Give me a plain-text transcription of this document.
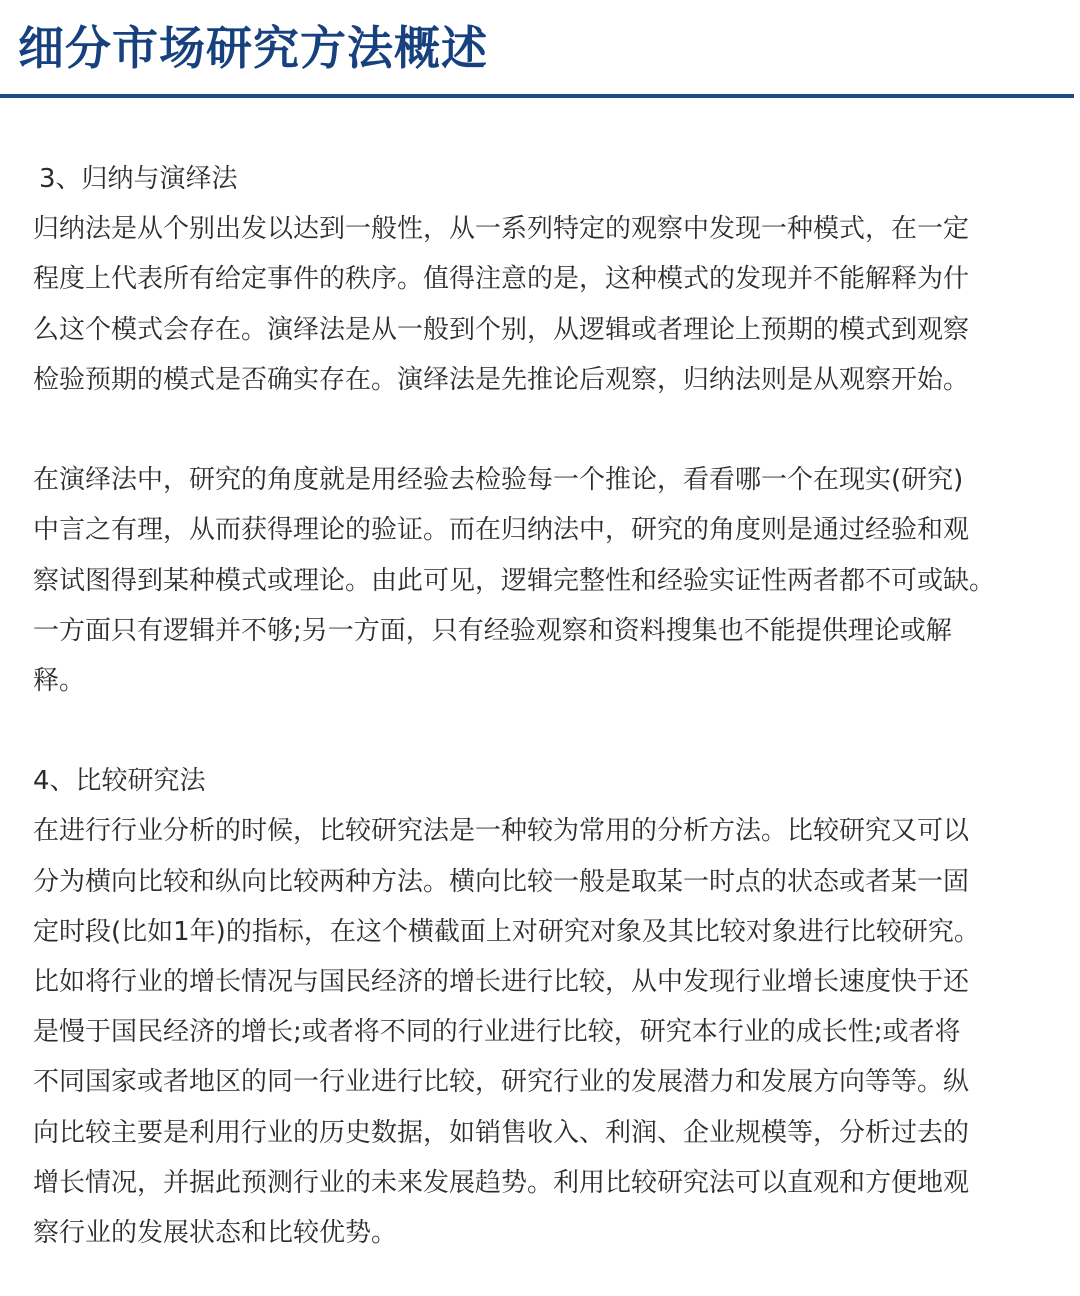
细分市场研究方法概述
3、归纳与演绎法
归纳法是从个别出发以达到一般性，从一系列特定的观察中发现一种模式，在一定
程度上代表所有给定事件的秩序。值得注意的是，这种模式的发现并不能解释为什
么这个模式会存在。演绎法是从一般到个别，从逻辑或者理论上预期的模式到观察
检验预期的模式是否确实存在。演绎法是先推论后观察，归纳法则是从观察开始。
在演绎法中，研究的角度就是用经验去检验每一个推论，看看哪一个在现实(研究)
中言之有理，从而获得理论的验证。而在归纳法中，研究的角度则是通过经验和观
察试图得到某种模式或理论。由此可见，逻辑完整性和经验实证性两者都不可或缺。
一方面只有逻辑并不够;另一方面，只有经验观察和资料搜集也不能提供理论或解
释。
4、比较研究法
在进行行业分析的时候，比较研究法是一种较为常用的分析方法。比较研究又可以
分为横向比较和纵向比较两种方法。横向比较一般是取某一时点的状态或者某一固
定时段(比如1年)的指标，在这个横截面上对研究对象及其比较对象进行比较研究。
比如将行业的增长情况与国民经济的增长进行比较，从中发现行业增长速度快于还
是慢于国民经济的增长;或者将不同的行业进行比较，研究本行业的成长性;或者将
不同国家或者地区的同一行业进行比较，研究行业的发展潜力和发展方向等等。纵
向比较主要是利用行业的历史数据，如销售收入、利润、企业规模等，分析过去的
增长情况，并据此预测行业的未来发展趋势。利用比较研究法可以直观和方便地观
察行业的发展状态和比较优势。
